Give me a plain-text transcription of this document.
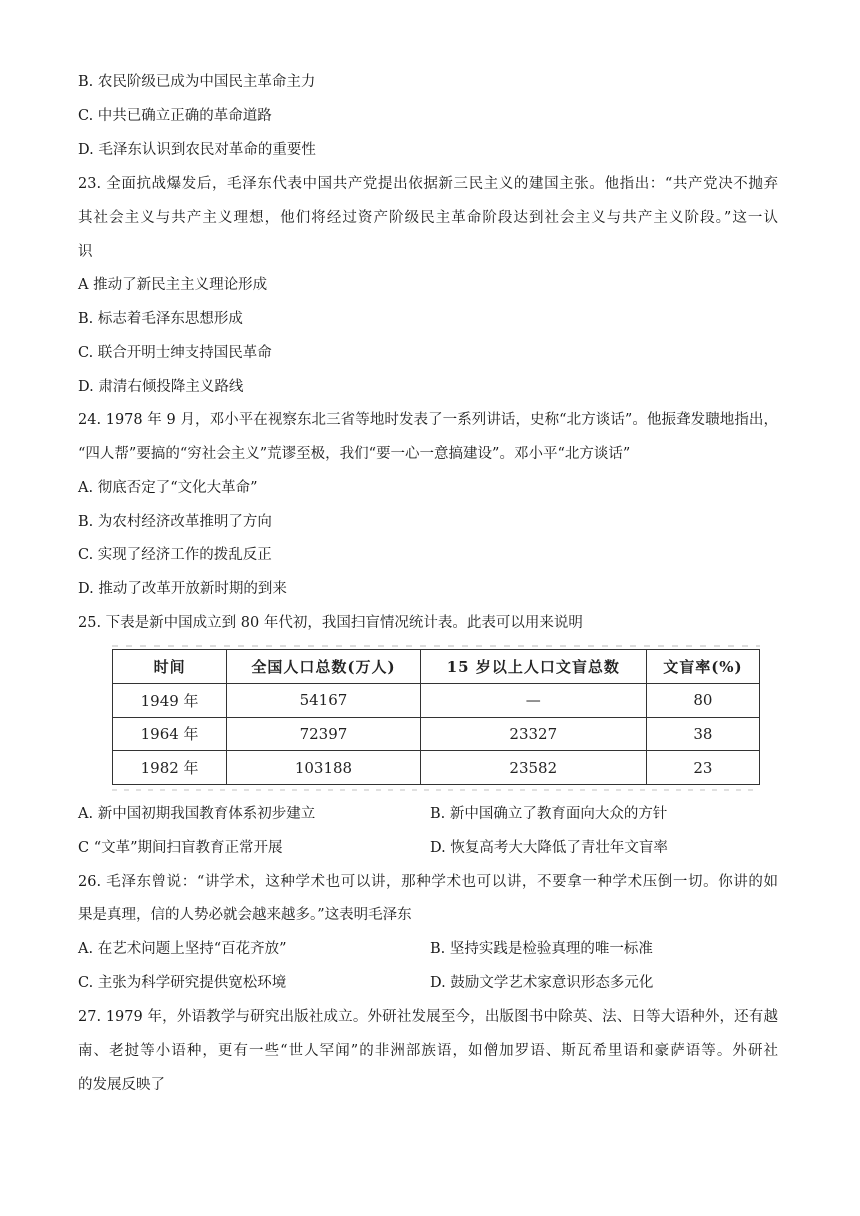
B. 农民阶级已成为中国民主革命主力
C. 中共已确立正确的革命道路
D. 毛泽东认识到农民对革命的重要性
23. 全面抗战爆发后，毛泽东代表中国共产党提出依据新三民主义的建国主张。他指出：“共产党决不抛弃
其社会主义与共产主义理想，他们将经过资产阶级民主革命阶段达到社会主义与共产主义阶段。”这一认
识
A 推动了新民主主义理论形成
B. 标志着毛泽东思想形成
C. 联合开明士绅支持国民革命
D. 肃清右倾投降主义路线
24. 1978 年 9 月，邓小平在视察东北三省等地时发表了一系列讲话，史称“北方谈话”。他振聋发聩地指出，
“四人帮”要搞的“穷社会主义”荒谬至极，我们“要一心一意搞建设”。邓小平“北方谈话”
A. 彻底否定了“文化大革命”
B. 为农村经济改革推明了方向
C. 实现了经济工作的拨乱反正
D. 推动了改革开放新时期的到来
25. 下表是新中国成立到 80 年代初，我国扫盲情况统计表。此表可以用来说明
时间	全国人口总数(万人)	15 岁以上人口文盲总数	文盲率(%)
1949 年	54167	—	80
1964 年	72397	23327	38
1982 年	103188	23582	23
A. 新中国初期我国教育体系初步建立	B. 新中国确立了教育面向大众的方针
C “文革”期间扫盲教育正常开展	D. 恢复高考大大降低了青壮年文盲率
26. 毛泽东曾说：“讲学术，这种学术也可以讲，那种学术也可以讲，不要拿一种学术压倒一切。你讲的如
果是真理，信的人势必就会越来越多。”这表明毛泽东
A. 在艺术问题上坚持“百花齐放”	B. 坚持实践是检验真理的唯一标准
C. 主张为科学研究提供宽松环境	D. 鼓励文学艺术家意识形态多元化
27. 1979 年，外语教学与研究出版社成立。外研社发展至今，出版图书中除英、法、日等大语种外，还有越
南、老挝等小语种，更有一些“世人罕闻”的非洲部族语，如僧加罗语、斯瓦希里语和豪萨语等。外研社
的发展反映了
